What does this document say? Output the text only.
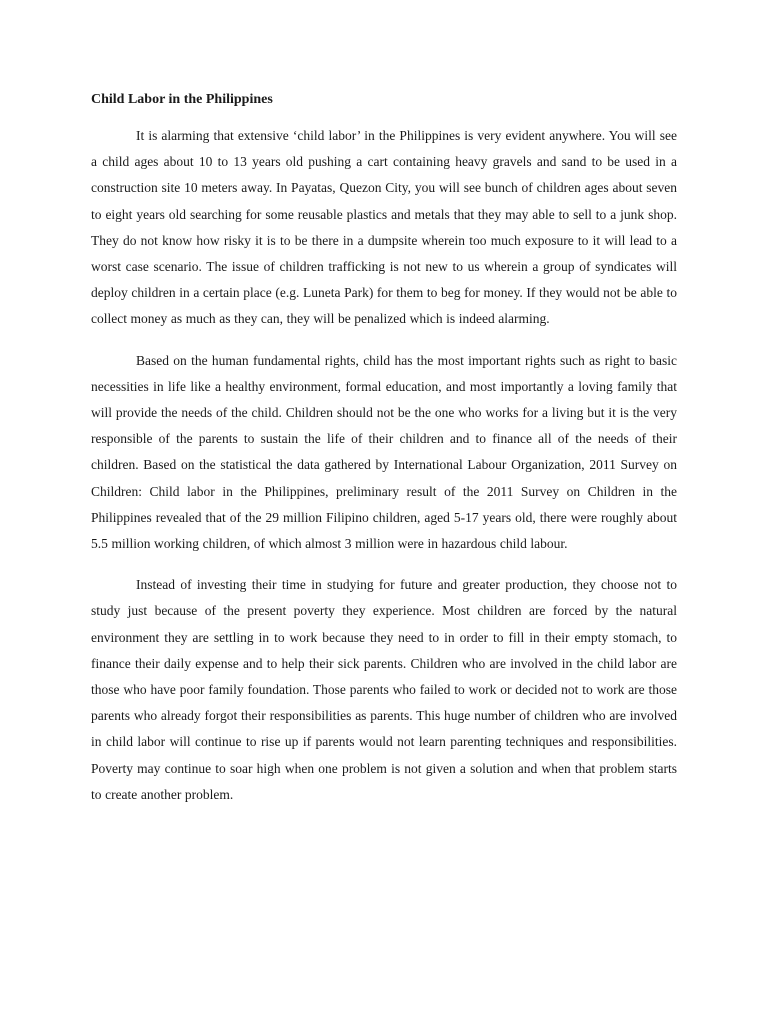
Child Labor in the Philippines

It is alarming that extensive ‘child labor’ in the Philippines is very evident anywhere. You will see a child ages about 10 to 13 years old pushing a cart containing heavy gravels and sand to be used in a construction site 10 meters away. In Payatas, Quezon City, you will see bunch of children ages about seven to eight years old searching for some reusable plastics and metals that they may able to sell to a junk shop. They do not know how risky it is to be there in a dumpsite wherein too much exposure to it will lead to a worst case scenario. The issue of children trafficking is not new to us wherein a group of syndicates will deploy children in a certain place (e.g. Luneta Park) for them to beg for money. If they would not be able to collect money as much as they can, they will be penalized which is indeed alarming.

Based on the human fundamental rights, child has the most important rights such as right to basic necessities in life like a healthy environment, formal education, and most importantly a loving family that will provide the needs of the child. Children should not be the one who works for a living but it is the very responsible of the parents to sustain the life of their children and to finance all of the needs of their children. Based on the statistical the data gathered by International Labour Organization, 2011 Survey on Children: Child labor in the Philippines, preliminary result of the 2011 Survey on Children in the Philippines revealed that of the 29 million Filipino children, aged 5-17 years old, there were roughly about 5.5 million working children, of which almost 3 million were in hazardous child labour.

Instead of investing their time in studying for future and greater production, they choose not to study just because of the present poverty they experience. Most children are forced by the natural environment they are settling in to work because they need to in order to fill in their empty stomach, to finance their daily expense and to help their sick parents. Children who are involved in the child labor are those who have poor family foundation. Those parents who failed to work or decided not to work are those parents who already forgot their responsibilities as parents. This huge number of children who are involved in child labor will continue to rise up if parents would not learn parenting techniques and responsibilities. Poverty may continue to soar high when one problem is not given a solution and when that problem starts to create another problem.
